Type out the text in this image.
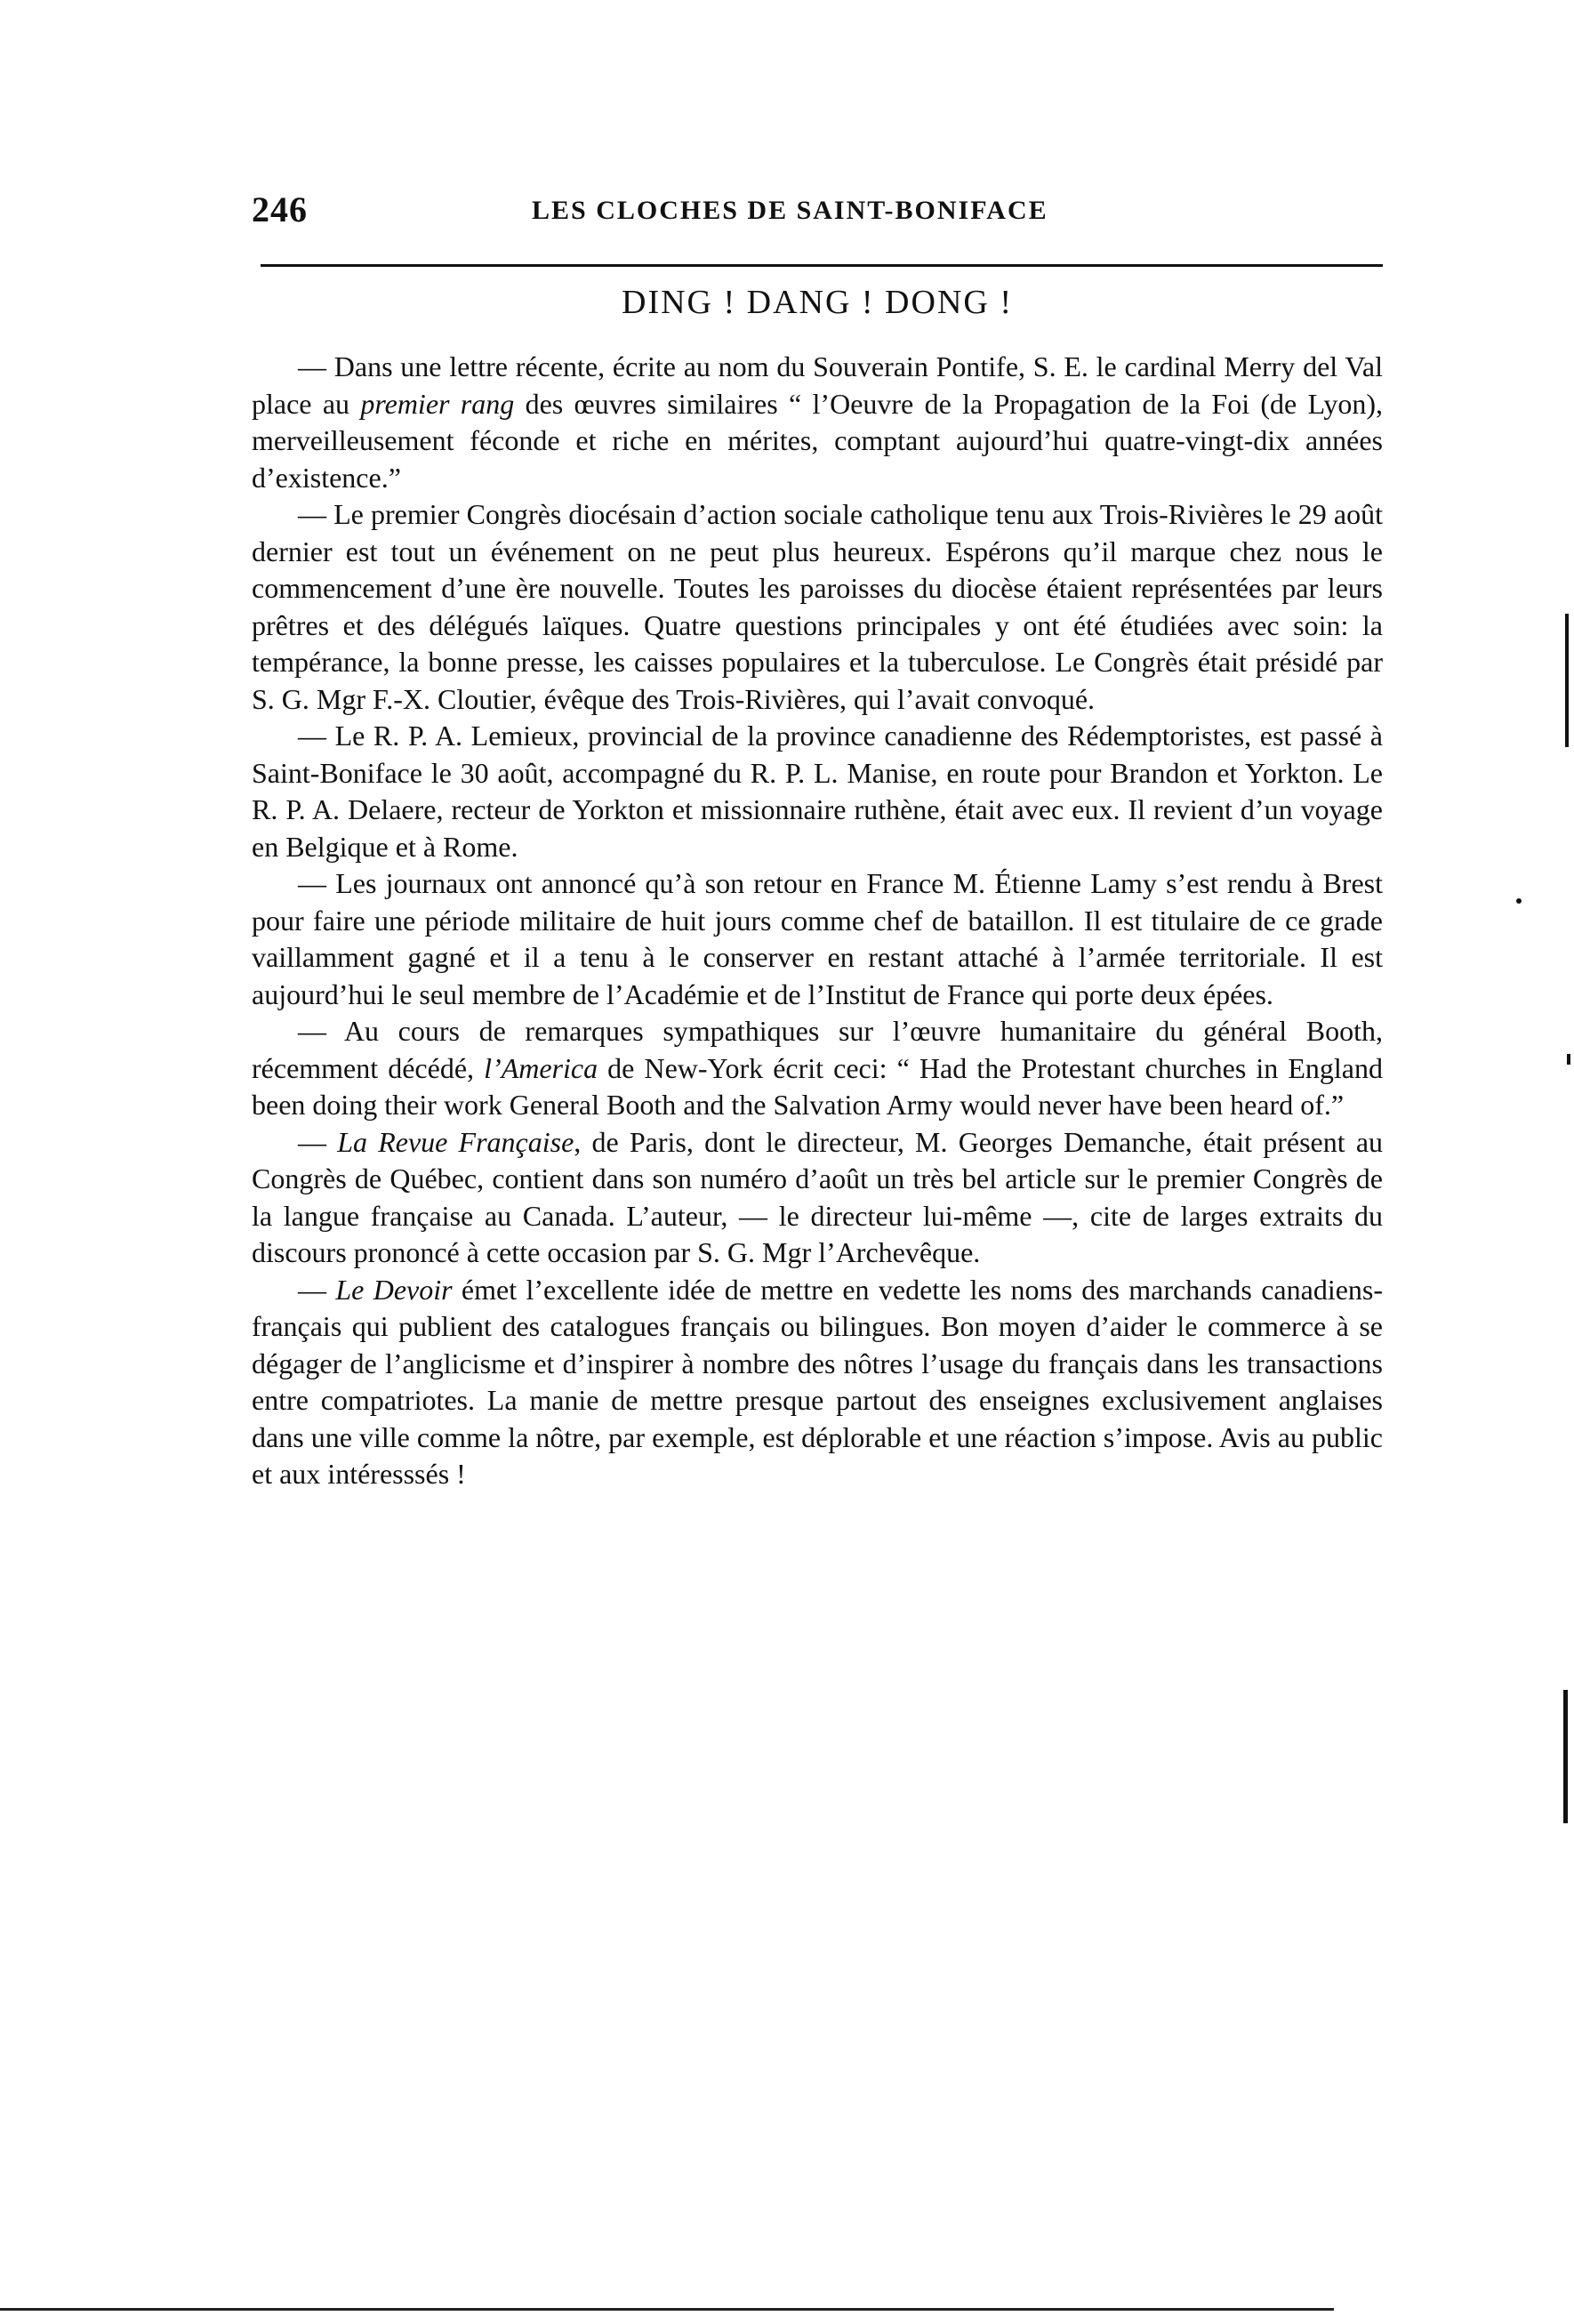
246	LES CLOCHES DE SAINT-BONIFACE
DING ! DANG ! DONG !

— Dans une lettre récente, écrite au nom du Souverain Pontife, S. E. le cardinal Merry del Val place au premier rang des œuvres similaires “ l’Oeuvre de la Propagation de la Foi (de Lyon), merveilleusement féconde et riche en mérites, comptant aujourd’hui quatre-vingt-dix années d’existence.”

— Le premier Congrès diocésain d’action sociale catholique tenu aux Trois-Rivières le 29 août dernier est tout un événement on ne peut plus heureux. Espérons qu’il marque chez nous le commencement d’une ère nouvelle. Toutes les paroisses du diocèse étaient représentées par leurs prêtres et des délégués laïques. Quatre questions principales y ont été étudiées avec soin: la tempérance, la bonne presse, les caisses populaires et la tuberculose. Le Congrès était présidé par S. G. Mgr F.-X. Cloutier, évêque des Trois-Rivières, qui l’avait convoqué.

— Le R. P. A. Lemieux, provincial de la province canadienne des Rédemptoristes, est passé à Saint-Boniface le 30 août, accompagné du R. P. L. Manise, en route pour Brandon et Yorkton. Le R. P. A. Delaere, recteur de Yorkton et missionnaire ruthène, était avec eux. Il revient d’un voyage en Belgique et à Rome.

— Les journaux ont annoncé qu’à son retour en France M. Étienne Lamy s’est rendu à Brest pour faire une période militaire de huit jours comme chef de bataillon. Il est titulaire de ce grade vaillamment gagné et il a tenu à le conserver en restant attaché à l’armée territoriale. Il est aujourd’hui le seul membre de l’Académie et de l’Institut de France qui porte deux épées.

— Au cours de remarques sympathiques sur l’œuvre humanitaire du général Booth, récemment décédé, l’America de New-York écrit ceci: “ Had the Protestant churches in England been doing their work General Booth and the Salvation Army would never have been heard of.”

— La Revue Française, de Paris, dont le directeur, M. Georges Demanche, était présent au Congrès de Québec, contient dans son numéro d’août un très bel article sur le premier Congrès de la langue française au Canada. L’auteur, — le directeur lui-même —, cite de larges extraits du discours prononcé à cette occasion par S. G. Mgr l’Archevêque.

— Le Devoir émet l’excellente idée de mettre en vedette les noms des marchands canadiens-français qui publient des catalogues français ou bilingues. Bon moyen d’aider le commerce à se dégager de l’anglicisme et d’inspirer à nombre des nôtres l’usage du français dans les transactions entre compatriotes. La manie de mettre presque partout des enseignes exclusivement anglaises dans une ville comme la nôtre, par exemple, est déplorable et une réaction s’impose. Avis au public et aux intéresssés !
